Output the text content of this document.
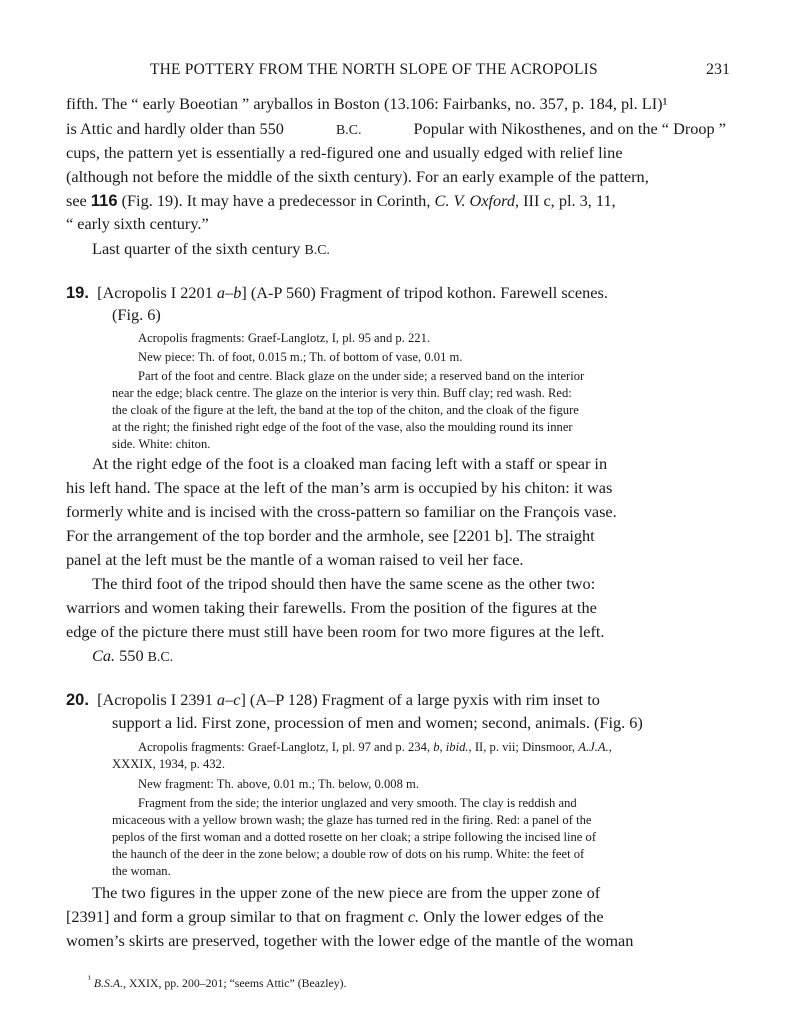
THE POTTERY FROM THE NORTH SLOPE OF THE ACROPOLIS	231
fifth. The “ early Boeotian ” aryballos in Boston (13.106: Fairbanks, no. 357, p. 184, pl. LI)¹
is Attic and hardly older than 550	B.C.	Popular with Nikosthenes, and on the “ Droop ”
cups, the pattern yet is essentially a red-figured one and usually edged with relief line
(although not before the middle of the sixth century). For an early example of the pattern,
see 116 (Fig. 19). It may have a predecessor in Corinth, C. V. Oxford, III c, pl. 3, 11,
“ early sixth century.”
Last quarter of the sixth century B.C.
19. [Acropolis I 2201 a–b] (A-P 560) Fragment of tripod kothon. Farewell scenes.
(Fig. 6)
Acropolis fragments: Graef-Langlotz, I, pl. 95 and p. 221.
New piece: Th. of foot, 0.015 m.; Th. of bottom of vase, 0.01 m.
Part of the foot and centre. Black glaze on the under side; a reserved band on the interior
near the edge; black centre. The glaze on the interior is very thin. Buff clay; red wash. Red:
the cloak of the figure at the left, the band at the top of the chiton, and the cloak of the figure
at the right; the finished right edge of the foot of the vase, also the moulding round its inner
side. White: chiton.
At the right edge of the foot is a cloaked man facing left with a staff or spear in
his left hand. The space at the left of the man’s arm is occupied by his chiton: it was
formerly white and is incised with the cross-pattern so familiar on the François vase.
For the arrangement of the top border and the armhole, see [2201 b]. The straight
panel at the left must be the mantle of a woman raised to veil her face.
The third foot of the tripod should then have the same scene as the other two:
warriors and women taking their farewells. From the position of the figures at the
edge of the picture there must still have been room for two more figures at the left.
Ca. 550 B.C.
20. [Acropolis I 2391 a–c] (A–P 128) Fragment of a large pyxis with rim inset to
support a lid. First zone, procession of men and women; second, animals. (Fig. 6)
Acropolis fragments: Graef-Langlotz, I, pl. 97 and p. 234, b, ibid., II, p. vii; Dinsmoor, A.J.A.,
XXXIX, 1934, p. 432.
New fragment: Th. above, 0.01 m.; Th. below, 0.008 m.
Fragment from the side; the interior unglazed and very smooth. The clay is reddish and
micaceous with a yellow brown wash; the glaze has turned red in the firing. Red: a panel of the
peplos of the first woman and a dotted rosette on her cloak; a stripe following the incised line of
the haunch of the deer in the zone below; a double row of dots on his rump. White: the feet of
the woman.
The two figures in the upper zone of the new piece are from the upper zone of
[2391] and form a group similar to that on fragment c. Only the lower edges of the
women’s skirts are preserved, together with the lower edge of the mantle of the woman
$^{^1}$ B.S.A., XXIX, pp. 200–201; “seems Attic” (Beazley).
